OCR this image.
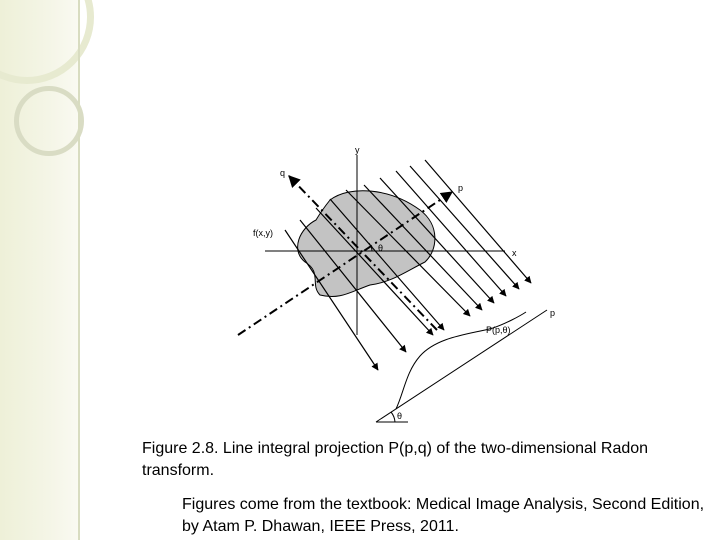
y
x
q
p
f(x,y)
θ
p
P(p,θ)
θ
Figure 2.8. Line integral projection P(p,q) of the two-dimensional Radon transform.
Figures come from the textbook: Medical Image Analysis, Second Edition, by Atam P. Dhawan, IEEE Press, 2011.
